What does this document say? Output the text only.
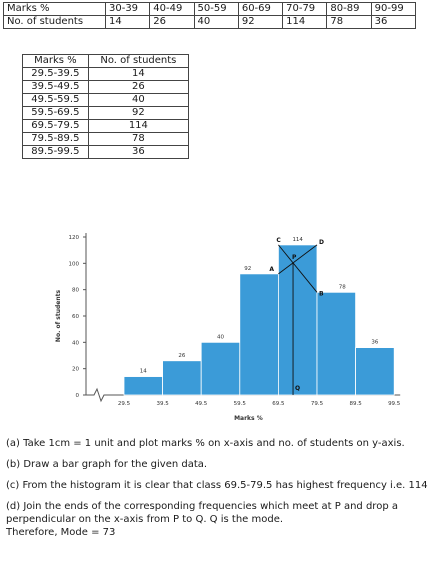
Marks %	30-39	40-49	50-59	60-69	70-79	80-89	90-99
No. of students	14	26	40	92	114	78	36
Marks %	No. of students
29.5-39.5	14
39.5-49.5	26
49.5-59.5	40
59.5-69.5	92
69.5-79.5	114
79.5-89.5	78
89.5-99.5	36
0
20
40
60
80
100
120
No. of students
14
26
40
92
114
78
36
29.5	39.5	49.5	59.5	69.5	79.5	89.5	99.5
Marks %
A
C	D
B
P
Q

(a) Take 1cm = 1 unit and plot marks % on x-axis and no. of students on y-axis.

(b) Draw a bar graph for the given data.

(c) From the histogram it is clear that class 69.5-79.5 has highest frequency i.e. 114

(d) Join the ends of the corresponding frequencies which meet at P and drop a perpendicular on the x-axis from P to Q. Q is the mode.

Therefore, Mode = 73
